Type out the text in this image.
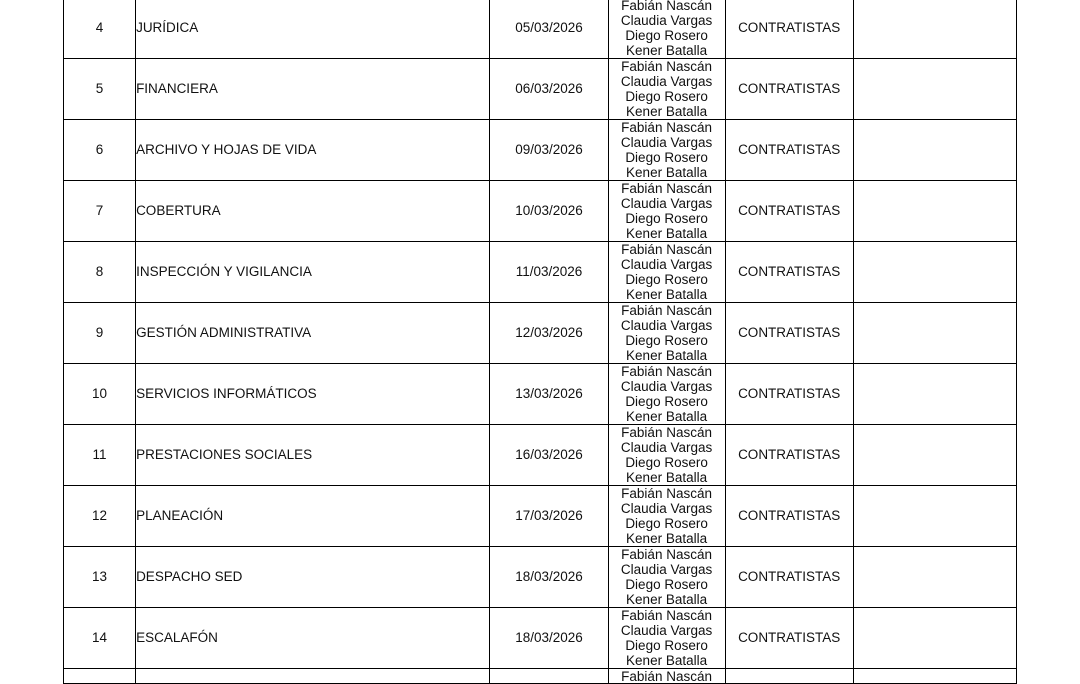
4	JURÍDICA	05/03/2026	Fabián Nascán
Claudia Vargas
Diego Rosero
Kener Batalla	CONTRATISTAS	
5	FINANCIERA	06/03/2026	Fabián Nascán
Claudia Vargas
Diego Rosero
Kener Batalla	CONTRATISTAS	
6	ARCHIVO Y HOJAS DE VIDA	09/03/2026	Fabián Nascán
Claudia Vargas
Diego Rosero
Kener Batalla	CONTRATISTAS	
7	COBERTURA	10/03/2026	Fabián Nascán
Claudia Vargas
Diego Rosero
Kener Batalla	CONTRATISTAS	
8	INSPECCIÓN Y VIGILANCIA	11/03/2026	Fabián Nascán
Claudia Vargas
Diego Rosero
Kener Batalla	CONTRATISTAS	
9	GESTIÓN ADMINISTRATIVA	12/03/2026	Fabián Nascán
Claudia Vargas
Diego Rosero
Kener Batalla	CONTRATISTAS	
10	SERVICIOS INFORMÁTICOS	13/03/2026	Fabián Nascán
Claudia Vargas
Diego Rosero
Kener Batalla	CONTRATISTAS	
11	PRESTACIONES SOCIALES	16/03/2026	Fabián Nascán
Claudia Vargas
Diego Rosero
Kener Batalla	CONTRATISTAS	
12	PLANEACIÓN	17/03/2026	Fabián Nascán
Claudia Vargas
Diego Rosero
Kener Batalla	CONTRATISTAS	
13	DESPACHO SED	18/03/2026	Fabián Nascán
Claudia Vargas
Diego Rosero
Kener Batalla	CONTRATISTAS	
14	ESCALAFÓN	18/03/2026	Fabián Nascán
Claudia Vargas
Diego Rosero
Kener Batalla	CONTRATISTAS	

			Fabián Nascán		
